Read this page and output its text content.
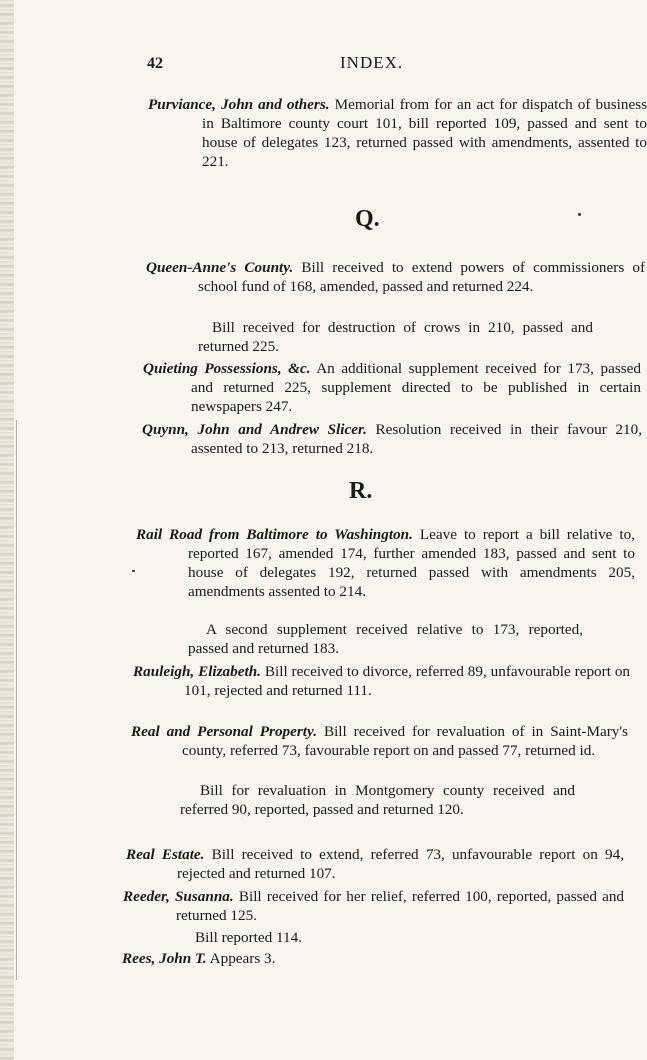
42	INDEX.

Purviance, John and others. Memorial from for an act for dispatch of business in Baltimore county court 101, bill reported 109, passed and sent to house of delegates 123, returned passed with amendments, assented to 221.

Q.

Queen-Anne's County. Bill received to extend powers of commissioners of school fund of 168, amended, passed and returned 224.

Bill received for destruction of crows in 210, passed and returned 225.

Quieting Possessions, &c. An additional supplement received for 173, passed and returned 225, supplement directed to be published in certain newspapers 247.

Quynn, John and Andrew Slicer. Resolution received in their favour 210, assented to 213, returned 218.

R.

Rail Road from Baltimore to Washington. Leave to report a bill relative to, reported 167, amended 174, further amended 183, passed and sent to house of delegates 192, returned passed with amendments 205, amendments assented to 214.

A second supplement received relative to 173, reported, passed and returned 183.

Rauleigh, Elizabeth. Bill received to divorce, referred 89, unfavourable report on 101, rejected and returned 111.

Real and Personal Property. Bill received for revaluation of in Saint-Mary's county, referred 73, favourable report on and passed 77, returned id.

Bill for revaluation in Montgomery county received and referred 90, reported, passed and returned 120.

Real Estate. Bill received to extend, referred 73, unfavourable report on 94, rejected and returned 107.

Reeder, Susanna. Bill received for her relief, referred 100, reported, passed and returned 125.

Bill reported 114.

Rees, John T. Appears 3.
